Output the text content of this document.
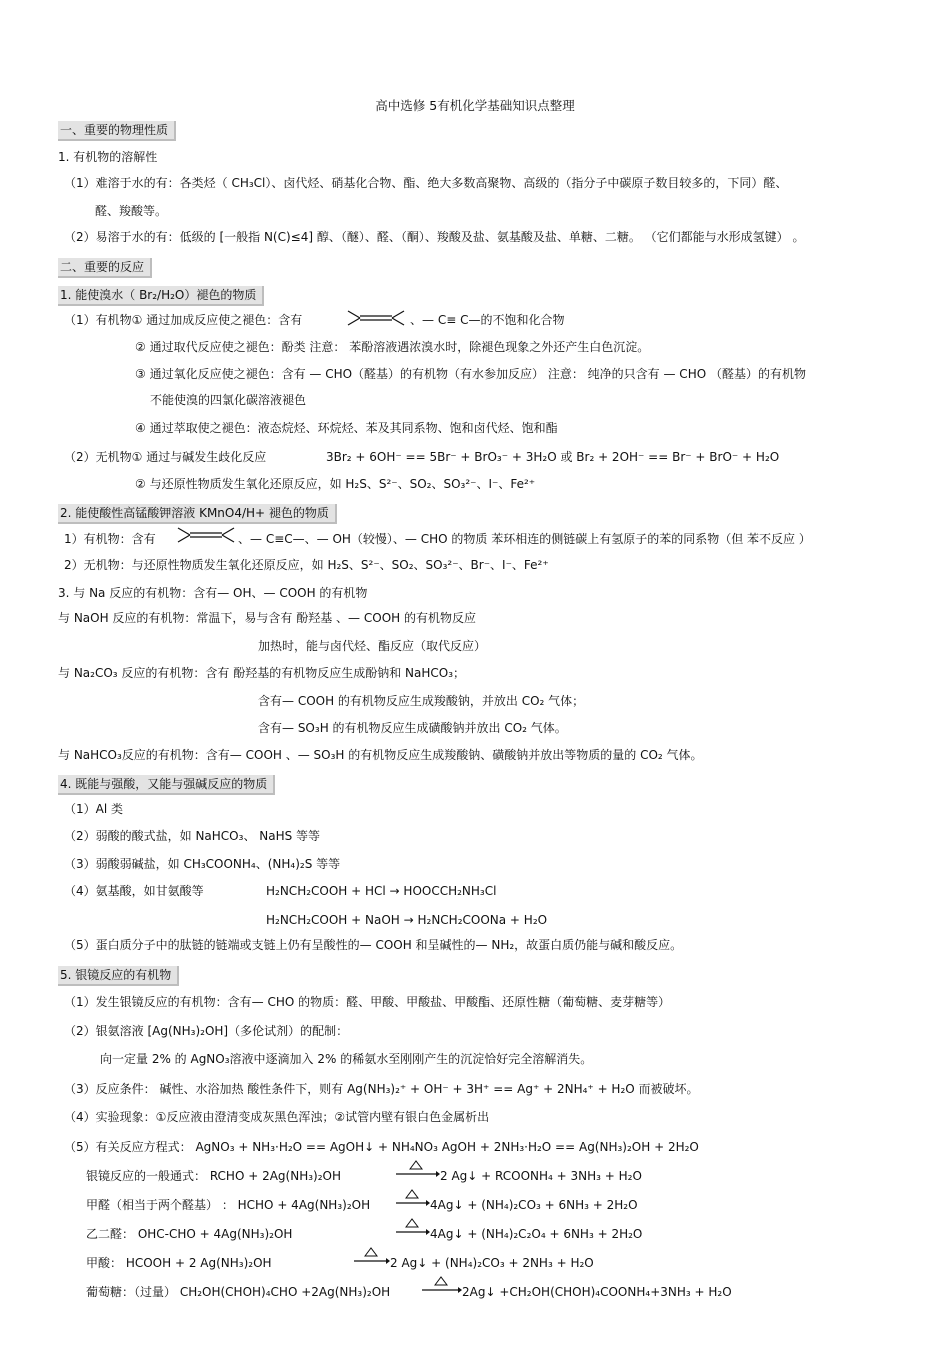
高中选修 5有机化学基础知识点整理
一、重要的物理性质
1. 有机物的溶解性
（1）难溶于水的有：各类烃（ CH₃Cl）、卤代烃、硝基化合物、酯、绝大多数高聚物、高级的（指分子中碳原子数目较多的，下同）醛、
醛、羧酸等。
（2）易溶于水的有：低级的 [一般指 N(C)≤4] 醇、（醚）、醛、（酮）、羧酸及盐、氨基酸及盐、单糖、二糖。 （它们都能与水形成氢键） 。
二、重要的反应
1. 能使溴水（ Br₂/H₂O）褪色的物质
（1）有机物① 通过加成反应使之褪色：含有	、— C≡ C—的不饱和化合物
② 通过取代反应使之褪色：酚类 注意： 苯酚溶液遇浓溴水时，除褪色现象之外还产生白色沉淀。
③ 通过氧化反应使之褪色：含有 — CHO（醛基）的有机物（有水参加反应） 注意： 纯净的只含有 — CHO （醛基）的有机物
不能使溴的四氯化碳溶液褪色
④ 通过萃取使之褪色：液态烷烃、环烷烃、苯及其同系物、饱和卤代烃、饱和酯
（2）无机物① 通过与碱发生歧化反应	3Br₂ + 6OH⁻ == 5Br⁻ + BrO₃⁻ + 3H₂O 或 Br₂ + 2OH⁻ == Br⁻ + BrO⁻ + H₂O
② 与还原性物质发生氧化还原反应，如 H₂S、S²⁻、SO₂、SO₃²⁻、I⁻、Fe²⁺
2. 能使酸性高锰酸钾溶液 KMnO4/H+ 褪色的物质
1）有机物：含有	、— C≡C—、— OH（较慢）、— CHO 的物质 苯环相连的侧链碳上有氢原子的苯的同系物（但 苯不反应 ）
2）无机物：与还原性物质发生氧化还原反应，如 H₂S、S²⁻、SO₂、SO₃²⁻、Br⁻、I⁻、Fe²⁺
3. 与 Na 反应的有机物：含有— OH、— COOH 的有机物
与 NaOH 反应的有机物：常温下，易与含有 酚羟基 、— COOH 的有机物反应
加热时，能与卤代烃、酯反应（取代反应）
与 Na₂CO₃ 反应的有机物：含有 酚羟基的有机物反应生成酚钠和 NaHCO₃；
含有— COOH 的有机物反应生成羧酸钠，并放出 CO₂ 气体；
含有— SO₃H 的有机物反应生成磺酸钠并放出 CO₂ 气体。
与 NaHCO₃反应的有机物：含有— COOH 、— SO₃H 的有机物反应生成羧酸钠、磺酸钠并放出等物质的量的 CO₂ 气体。
4. 既能与强酸，又能与强碱反应的物质
（1）Al 类
（2）弱酸的酸式盐，如 NaHCO₃、 NaHS 等等
（3）弱酸弱碱盐，如 CH₃COONH₄、(NH₄)₂S 等等
（4）氨基酸，如甘氨酸等	H₂NCH₂COOH + HCl → HOOCCH₂NH₃Cl
H₂NCH₂COOH + NaOH → H₂NCH₂COONa + H₂O
（5）蛋白质分子中的肽链的链端或支链上仍有呈酸性的— COOH 和呈碱性的— NH₂，故蛋白质仍能与碱和酸反应。
5. 银镜反应的有机物
（1）发生银镜反应的有机物：含有— CHO 的物质：醛、甲酸、甲酸盐、甲酸酯、还原性糖（葡萄糖、麦芽糖等）
（2）银氨溶液 [Ag(NH₃)₂OH]（多伦试剂）的配制：
向一定量 2% 的 AgNO₃溶液中逐滴加入 2% 的稀氨水至刚刚产生的沉淀恰好完全溶解消失。
（3）反应条件： 碱性、水浴加热 酸性条件下，则有 Ag(NH₃)₂⁺ + OH⁻ + 3H⁺ == Ag⁺ + 2NH₄⁺ + H₂O 而被破坏。
（4）实验现象：①反应液由澄清变成灰黑色浑浊；②试管内壁有银白色金属析出
（5）有关反应方程式： AgNO₃ + NH₃·H₂O == AgOH↓ + NH₄NO₃ AgOH + 2NH₃·H₂O == Ag(NH₃)₂OH + 2H₂O
银镜反应的一般通式： RCHO + 2Ag(NH₃)₂OH	2 Ag↓ + RCOONH₄ + 3NH₃ + H₂O
甲醛（相当于两个醛基） ： HCHO + 4Ag(NH₃)₂OH	4Ag↓ + (NH₄)₂CO₃ + 6NH₃ + 2H₂O
乙二醛： OHC-CHO + 4Ag(NH₃)₂OH	4Ag↓ + (NH₄)₂C₂O₄ + 6NH₃ + 2H₂O
甲酸： HCOOH + 2 Ag(NH₃)₂OH	2 Ag↓ + (NH₄)₂CO₃ + 2NH₃ + H₂O
葡萄糖：（过量） CH₂OH(CHOH)₄CHO +2Ag(NH₃)₂OH	2Ag↓ +CH₂OH(CHOH)₄COONH₄+3NH₃ + H₂O
